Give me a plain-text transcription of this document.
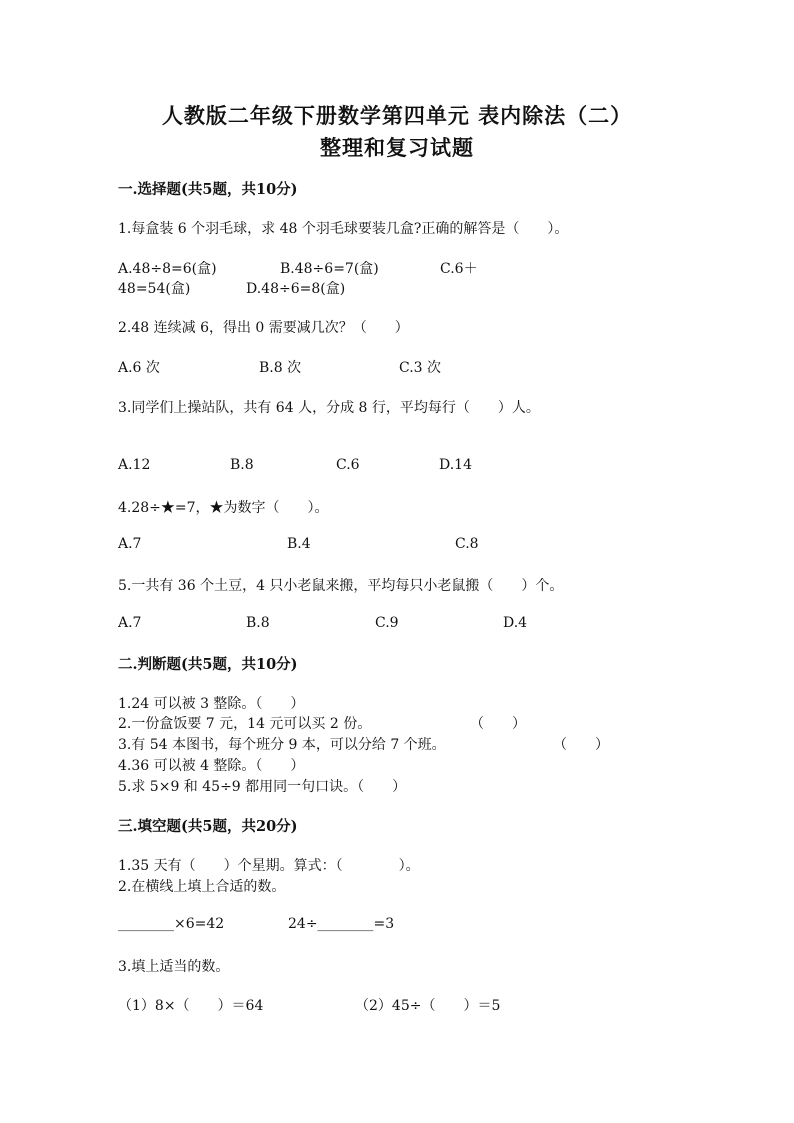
人教版二年级下册数学第四单元 表内除法（二）
整理和复习试题
一.选择题(共5题，共10分)
1.每盒装 6 个羽毛球，求 48 个羽毛球要装几盒?正确的解答是（　　）。
A.48÷8=6(盒)	B.48÷6=7(盒)	C.6＋
48=54(盒)	D.48÷6=8(盒)
2.48 连续减 6，得出 0 需要减几次？（　　）
A.6 次	B.8 次	C.3 次
3.同学们上操站队，共有 64 人，分成 8 行，平均每行（　　）人。
A.12	B.8	C.6	D.14
4.28÷★=7，★为数字（　　）。
A.7	B.4	C.8
5.一共有 36 个土豆，4 只小老鼠来搬，平均每只小老鼠搬（　　）个。
A.7	B.8	C.9	D.4
二.判断题(共5题，共10分)
1.24 可以被 3 整除。（　　）
2.一份盒饭要 7 元，14 元可以买 2 份。	（　　）
3.有 54 本图书，每个班分 9 本，可以分给 7 个班。	（　　）
4.36 可以被 4 整除。（　　）
5.求 5×9 和 45÷9 都用同一句口诀。（　　）
三.填空题(共5题，共20分)
1.35 天有（　　）个星期。算式：（　　　　）。
2.在横线上填上合适的数。
________×6=42	24÷________=3
3.填上适当的数。
（1）8×（　　）＝64	（2）45÷（　　）＝5
